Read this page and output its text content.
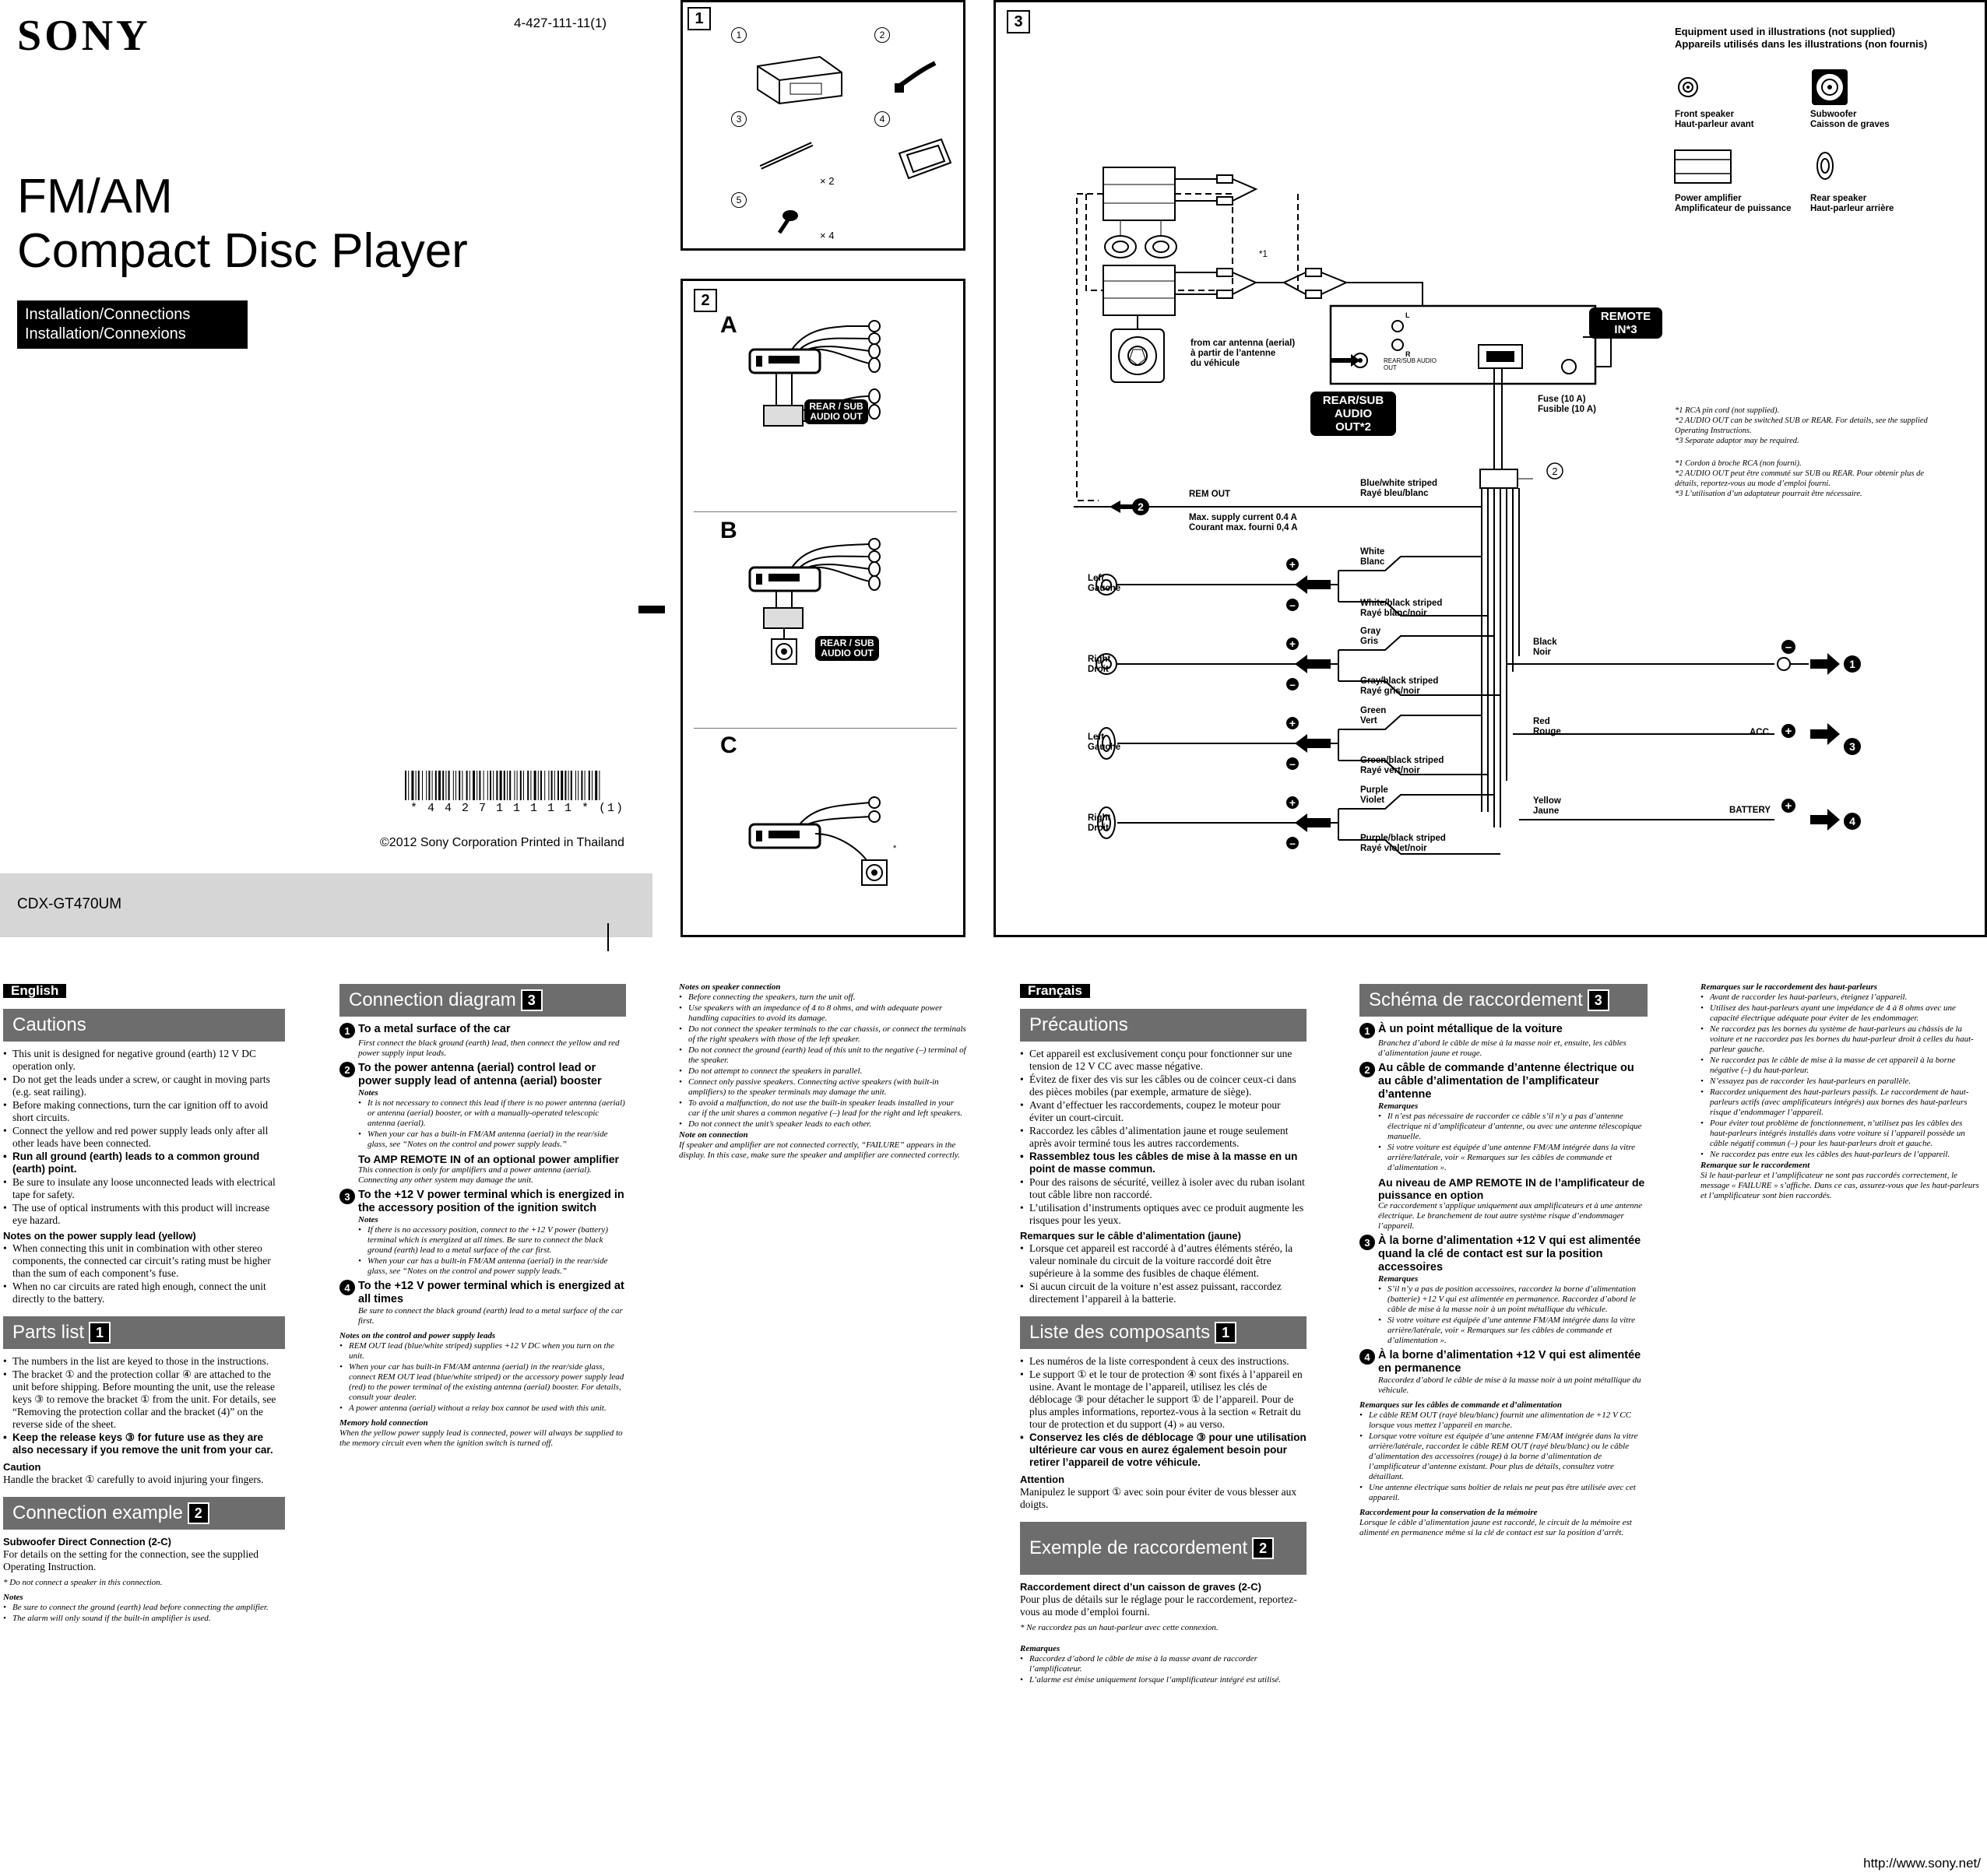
SONY	4-427-111-11(1)
FM/AM
Compact Disc Player
Installation/Connections
Installation/Connexions
* 4 4 2 7 1 1 1 1 1 * (1)
©2012 Sony Corporation Printed in Thailand
CDX-GT470UM
1
1	2
3	4
5
× 2
× 4
2
A
REAR / SUB AUDIO OUT
B
REAR / SUB AUDIO OUT
C
*
3
Equipment used in illustrations (not supplied)
Appareils utilisés dans les illustrations (non fournis)
Front speaker
Haut-parleur avant
Subwoofer
Caisson de graves
Power amplifier
Amplificateur de puissance
Rear speaker
Haut-parleur arrière
+
–
+
–
+
–
+
–
–
+
+
2
1
3
4
2
*1
from car antenna (aerial)
à partir de l’antenne
du véhicule
L
R
REAR/SUB AUDIO OUT
REAR/SUB AUDIO OUT*2
REMOTE IN*3
Fuse (10 A)
Fusible (10 A)
REM OUT
Max. supply current 0.4 A
Courant max. fourni 0,4 A
Blue/white striped
Rayé bleu/blanc
Left
Gauche
Right
Droit
Left
Gauche
Right
Droit
White
Blanc
White/black striped
Rayé blanc/noir
Gray
Gris
Gray/black striped
Rayé gris/noir
Green
Vert
Green/black striped
Rayé vert/noir
Purple
Violet
Purple/black striped
Rayé violet/noir
Black
Noir
Red
Rouge	ACC
Yellow
Jaune	BATTERY
*1 RCA pin cord (not supplied).
*2 AUDIO OUT can be switched SUB or REAR. For details, see the supplied Operating Instructions.
*3 Separate adaptor may be required.
*1 Cordon à broche RCA (non fourni).
*2 AUDIO OUT peut être commuté sur SUB ou REAR. Pour obtenir plus de détails, reportez-vous au mode d’emploi fourni.
*3 L’utilisation d’un adaptateur pourrait être nécessaire.
English
Cautions
• This unit is designed for negative ground (earth) 12 V DC operation only.
• Do not get the leads under a screw, or caught in moving parts (e.g. seat railing).
• Before making connections, turn the car ignition off to avoid short circuits.
• Connect the yellow and red power supply leads only after all other leads have been connected.
• Run all ground (earth) leads to a common ground (earth) point.
• Be sure to insulate any loose unconnected leads with electrical tape for safety.
• The use of optical instruments with this product will increase eye hazard.
Notes on the power supply lead (yellow)
• When connecting this unit in combination with other stereo components, the connected car circuit’s rating must be higher than the sum of each component’s fuse.
• When no car circuits are rated high enough, connect the unit directly to the battery.
Parts list 1
• The numbers in the list are keyed to those in the instructions.
• The bracket ① and the protection collar ④ are attached to the unit before shipping. Before mounting the unit, use the release keys ③ to remove the bracket ① from the unit. For details, see “Removing the protection collar and the bracket (4)” on the reverse side of the sheet.
• Keep the release keys ③ for future use as they are also necessary if you remove the unit from your car.
Caution

Handle the bracket ① carefully to avoid injuring your fingers.

Connection example 2
Subwoofer Direct Connection (2-C)

For details on the setting for the connection, see the supplied Operating Instruction.

* Do not connect a speaker in this connection.

Notes
• Be sure to connect the ground (earth) lead before connecting the amplifier.
• The alarm will only sound if the built-in amplifier is used.
Connection diagram 3
1 To a metal surface of the car

First connect the black ground (earth) lead, then connect the yellow and red power supply input leads.

2 To the power antenna (aerial) control lead or power supply lead of antenna (aerial) booster
Notes
• It is not necessary to connect this lead if there is no power antenna (aerial) or antenna (aerial) booster, or with a manually-operated telescopic antenna (aerial).
• When your car has a built-in FM/AM antenna (aerial) in the rear/side glass, see “Notes on the control and power supply leads.”
To AMP REMOTE IN of an optional power amplifier

This connection is only for amplifiers and a power antenna (aerial). Connecting any other system may damage the unit.

3 To the +12 V power terminal which is energized in the accessory position of the ignition switch
Notes
• If there is no accessory position, connect to the +12 V power (battery) terminal which is energized at all times. Be sure to connect the black ground (earth) lead to a metal surface of the car first.
• When your car has a built-in FM/AM antenna (aerial) in the rear/side glass, see “Notes on the control and power supply leads.”
4 To the +12 V power terminal which is energized at all times

Be sure to connect the black ground (earth) lead to a metal surface of the car first.

Notes on the control and power supply leads
• REM OUT lead (blue/white striped) supplies +12 V DC when you turn on the unit.
• When your car has built-in FM/AM antenna (aerial) in the rear/side glass, connect REM OUT lead (blue/white striped) or the accessory power supply lead (red) to the power terminal of the existing antenna (aerial) booster. For details, consult your dealer.
• A power antenna (aerial) without a relay box cannot be used with this unit.
Memory hold connection

When the yellow power supply lead is connected, power will always be supplied to the memory circuit even when the ignition switch is turned off.

Notes on speaker connection
• Before connecting the speakers, turn the unit off.
• Use speakers with an impedance of 4 to 8 ohms, and with adequate power handling capacities to avoid its damage.
• Do not connect the speaker terminals to the car chassis, or connect the terminals of the right speakers with those of the left speaker.
• Do not connect the ground (earth) lead of this unit to the negative (–) terminal of the speaker.
• Do not attempt to connect the speakers in parallel.
• Connect only passive speakers. Connecting active speakers (with built-in amplifiers) to the speaker terminals may damage the unit.
• To avoid a malfunction, do not use the built-in speaker leads installed in your car if the unit shares a common negative (–) lead for the right and left speakers.
• Do not connect the unit’s speaker leads to each other.
Note on connection

If speaker and amplifier are not connected correctly, “FAILURE” appears in the display. In this case, make sure the speaker and amplifier are connected correctly.

Français
Précautions
• Cet appareil est exclusivement conçu pour fonctionner sur une tension de 12 V CC avec masse négative.
• Évitez de fixer des vis sur les câbles ou de coincer ceux-ci dans des pièces mobiles (par exemple, armature de siège).
• Avant d’effectuer les raccordements, coupez le moteur pour éviter un court-circuit.
• Raccordez les câbles d’alimentation jaune et rouge seulement après avoir terminé tous les autres raccordements.
• Rassemblez tous les câbles de mise à la masse en un point de masse commun.
• Pour des raisons de sécurité, veillez à isoler avec du ruban isolant tout câble libre non raccordé.
• L’utilisation d’instruments optiques avec ce produit augmente les risques pour les yeux.
Remarques sur le câble d’alimentation (jaune)
• Lorsque cet appareil est raccordé à d’autres éléments stéréo, la valeur nominale du circuit de la voiture raccordé doit être supérieure à la somme des fusibles de chaque élément.
• Si aucun circuit de la voiture n’est assez puissant, raccordez directement l’appareil à la batterie.
Liste des composants 1
• Les numéros de la liste correspondent à ceux des instructions.
• Le support ① et le tour de protection ④ sont fixés à l’appareil en usine. Avant le montage de l’appareil, utilisez les clés de déblocage ③ pour détacher le support ① de l’appareil. Pour de plus amples informations, reportez-vous à la section « Retrait du tour de protection et du support (4) » au verso.
• Conservez les clés de déblocage ③ pour une utilisation ultérieure car vous en aurez également besoin pour retirer l’appareil de votre véhicule.
Attention

Manipulez le support ① avec soin pour éviter de vous blesser aux doigts.

Exemple de raccordement 2
Raccordement direct d’un caisson de graves (2-C)

Pour plus de détails sur le réglage pour le raccordement, reportez-vous au mode d’emploi fourni.

* Ne raccordez pas un haut-parleur avec cette connexion.

Remarques
• Raccordez d’abord le câble de mise à la masse avant de raccorder l’amplificateur.
• L’alarme est émise uniquement lorsque l’amplificateur intégré est utilisé.
Schéma de raccordement 3
1 À un point métallique de la voiture

Branchez d’abord le câble de mise à la masse noir et, ensuite, les câbles d’alimentation jaune et rouge.

2 Au câble de commande d’antenne électrique ou au câble d’alimentation de l’amplificateur d’antenne
Remarques
• Il n’est pas nécessaire de raccorder ce câble s’il n’y a pas d’antenne électrique ni d’amplificateur d’antenne, ou avec une antenne télescopique manuelle.
• Si votre voiture est équipée d’une antenne FM/AM intégrée dans la vitre arrière/latérale, voir « Remarques sur les câbles de commande et d’alimentation ».
Au niveau de AMP REMOTE IN de l’amplificateur de puissance en option

Ce raccordement s’applique uniquement aux amplificateurs et à une antenne électrique. Le branchement de tout autre système risque d’endommager l’appareil.

3 À la borne d’alimentation +12 V qui est alimentée quand la clé de contact est sur la position accessoires
Remarques
• S’il n’y a pas de position accessoires, raccordez la borne d’alimentation (batterie) +12 V qui est alimentée en permanence. Raccordez d’abord le câble de mise à la masse noir à un point métallique du véhicule.
• Si votre voiture est équipée d’une antenne FM/AM intégrée dans la vitre arrière/latérale, voir « Remarques sur les câbles de commande et d’alimentation ».
4 À la borne d’alimentation +12 V qui est alimentée en permanence

Raccordez d’abord le câble de mise à la masse noir à un point métallique du véhicule.

Remarques sur les câbles de commande et d’alimentation
• Le câble REM OUT (rayé bleu/blanc) fournit une alimentation de +12 V CC lorsque vous mettez l’appareil en marche.
• Lorsque votre voiture est équipée d’une antenne FM/AM intégrée dans la vitre arrière/latérale, raccordez le câble REM OUT (rayé bleu/blanc) ou le câble d’alimentation des accessoires (rouge) à la borne d’alimentation de l’amplificateur d’antenne existant. Pour plus de détails, consultez votre détaillant.
• Une antenne électrique sans boîtier de relais ne peut pas être utilisée avec cet appareil.
Raccordement pour la conservation de la mémoire

Lorsque le câble d’alimentation jaune est raccordé, le circuit de la mémoire est alimenté en permanence même si la clé de contact est sur la position d’arrêt.

Remarques sur le raccordement des haut-parleurs
• Avant de raccorder les haut-parleurs, éteignez l’appareil.
• Utilisez des haut-parleurs ayant une impédance de 4 à 8 ohms avec une capacité électrique adéquate pour éviter de les endommager.
• Ne raccordez pas les bornes du système de haut-parleurs au châssis de la voiture et ne raccordez pas les bornes du haut-parleur droit à celles du haut-parleur gauche.
• Ne raccordez pas le câble de mise à la masse de cet appareil à la borne négative (–) du haut-parleur.
• N’essayez pas de raccorder les haut-parleurs en parallèle.
• Raccordez uniquement des haut-parleurs passifs. Le raccordement de haut-parleurs actifs (avec amplificateurs intégrés) aux bornes des haut-parleurs risque d’endommager l’appareil.
• Pour éviter tout problème de fonctionnement, n’utilisez pas les câbles des haut-parleurs intégrés installés dans votre voiture si l’appareil possède un câble négatif commun (–) pour les haut-parleurs droit et gauche.
• Ne raccordez pas entre eux les câbles des haut-parleurs de l’appareil.
Remarque sur le raccordement

Si le haut-parleur et l’amplificateur ne sont pas raccordés correctement, le message « FAILURE » s’affiche. Dans ce cas, assurez-vous que les haut-parleurs et l’amplificateur sont bien raccordés.

http://www.sony.net/
